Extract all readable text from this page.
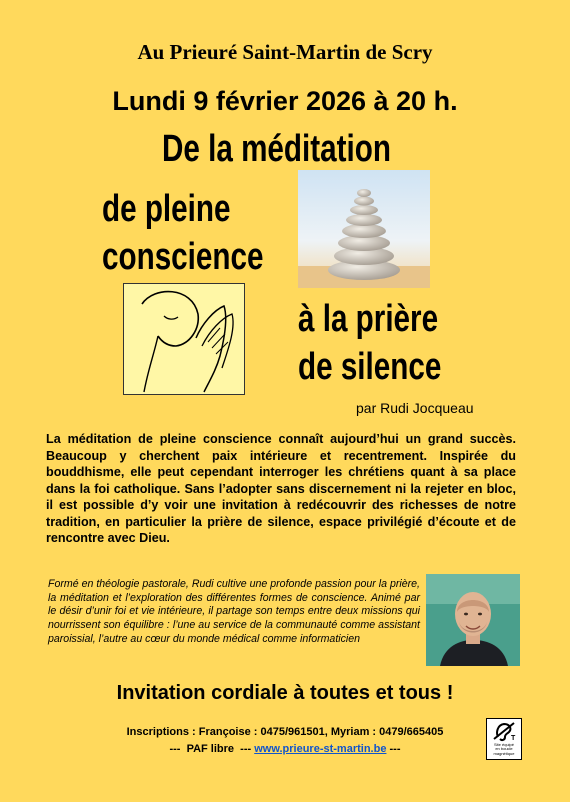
Au Prieuré Saint-Martin de Scry
Lundi 9 février 2026 à 20 h.
De la méditation
de pleine
conscience
à la prière
de silence
par Rudi Jocqueau
La méditation de pleine conscience connaît aujourd’hui un grand succès. Beaucoup y cherchent paix intérieure et recentrement. Inspirée du bouddhisme, elle peut cependant interroger les chrétiens quant à sa place dans la foi catholique. Sans l’adopter sans discernement ni la rejeter en bloc, il est possible d’y voir une invitation à redécouvrir des richesses de notre tradition, en particulier la prière de silence, espace privilégié d’écoute et de rencontre avec Dieu.
Formé en théologie pastorale, Rudi cultive une profonde passion pour la prière, la méditation et l’exploration des différentes formes de conscience. Animé par le désir d’unir foi et vie intérieure, il partage son temps entre deux missions qui nourrissent son équilibre : l’une au service de la communauté comme assistant paroissial, l’autre au cœur du monde médical comme informaticien
Invitation cordiale à toutes et tous !
Inscriptions : Françoise : 0475/961501, Myriam : 0479/665405
---  PAF libre  --- www.prieure-st-martin.be ---
T
Site équipé
en boucle
magnétique
